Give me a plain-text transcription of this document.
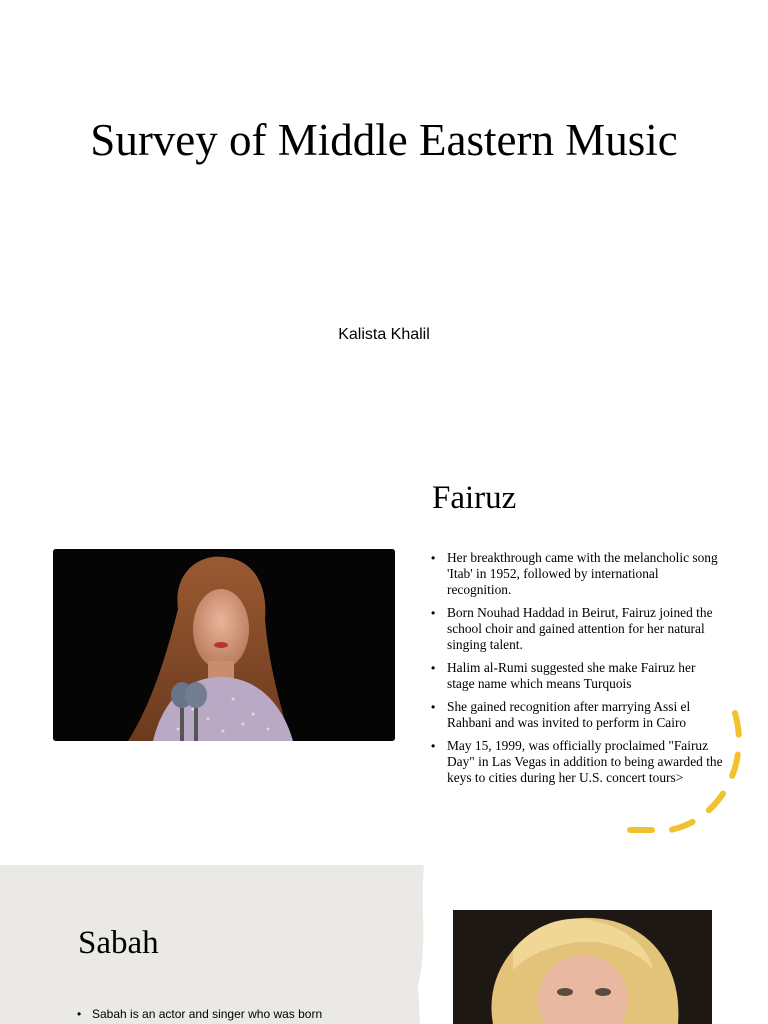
Survey of Middle Eastern Music
Kalista Khalil
Fairuz
• Her breakthrough came with the melancholic song 'Itab' in 1952, followed by international recognition.
• Born Nouhad Haddad in Beirut, Fairuz joined the school choir and gained attention for her natural singing talent.
• Halim al-Rumi suggested she make Fairuz her stage name which means Turquois
• She gained recognition after marrying Assi el Rahbani and was invited to perform in Cairo
• May 15, 1999, was officially proclaimed "Fairuz Day" in Las Vegas in addition to being awarded the keys to cities during her U.S. concert tours>
Sabah
• Sabah is an actor and singer who was born
